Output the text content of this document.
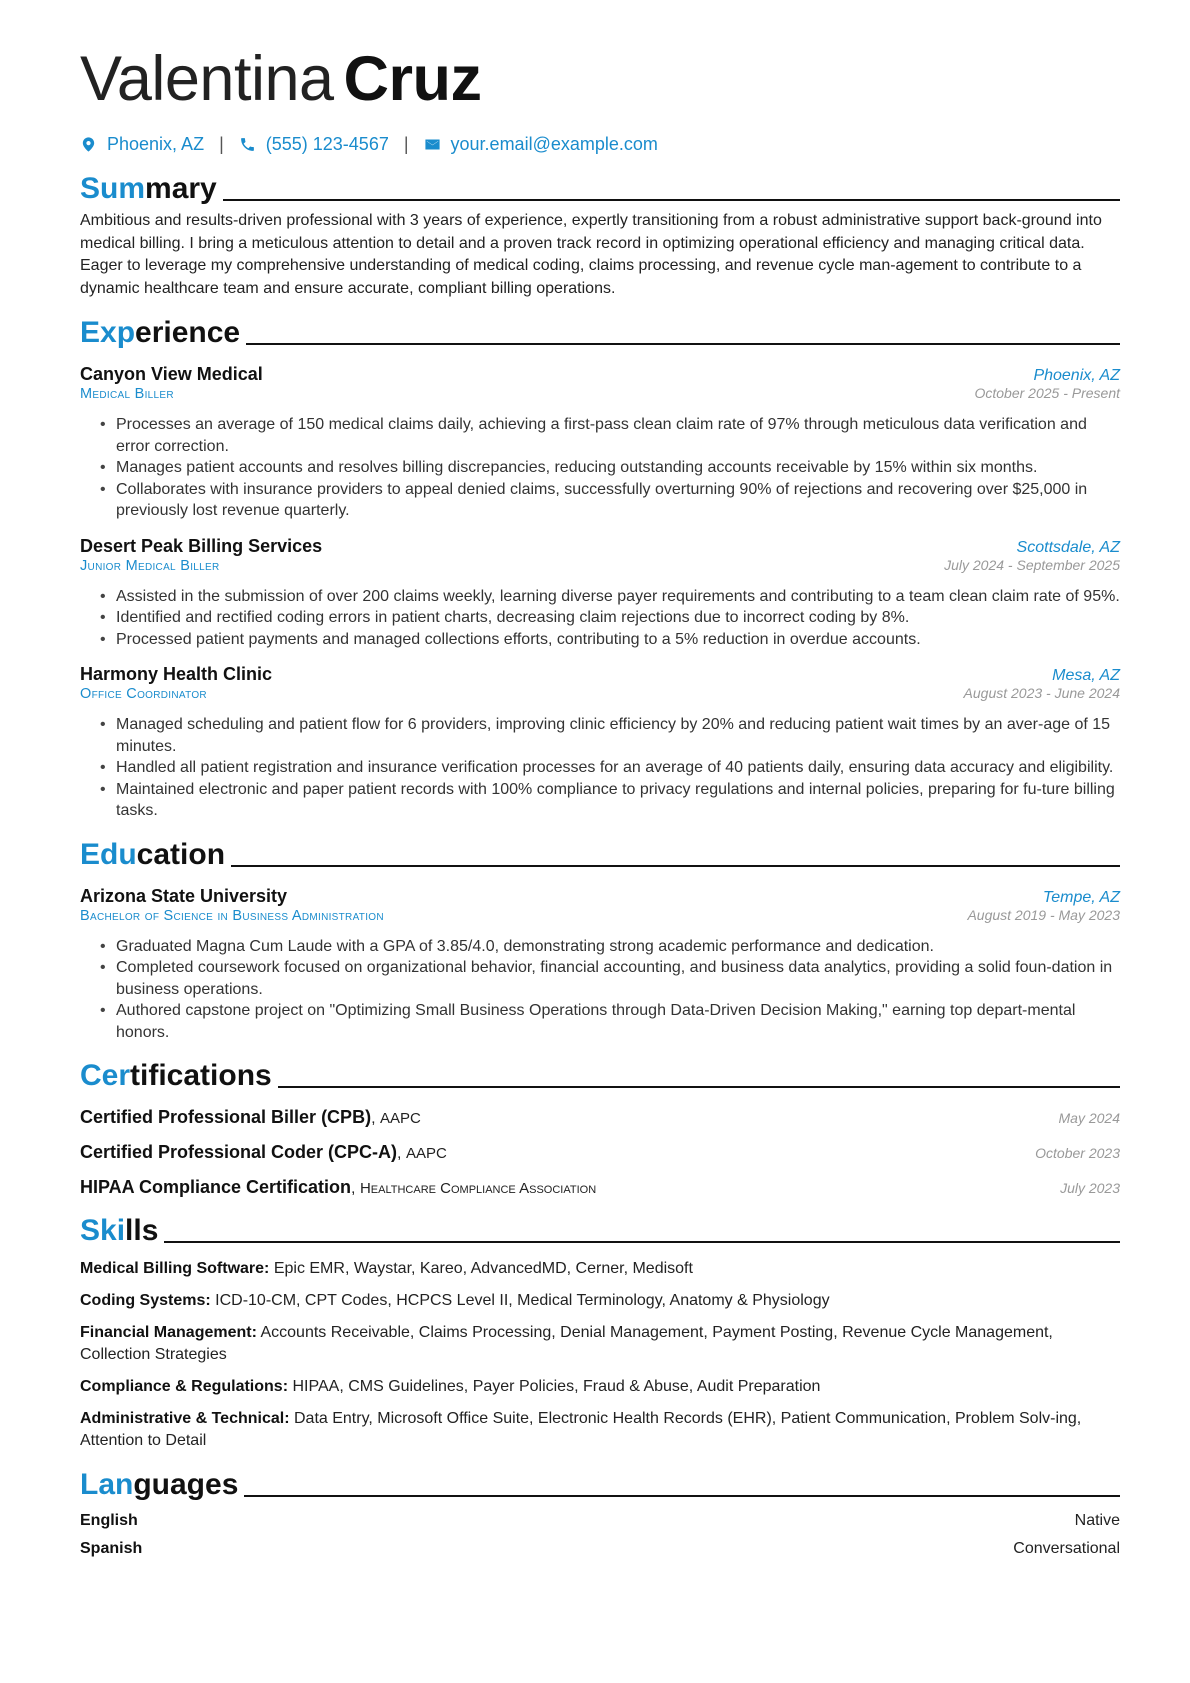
Valentina Cruz
Phoenix, AZ | (555) 123-4567 | your.email@example.com
Summary
Ambitious and results-driven professional with 3 years of experience, expertly transitioning from a robust administrative support back-ground into medical billing. I bring a meticulous attention to detail and a proven track record in optimizing operational efficiency and managing critical data. Eager to leverage my comprehensive understanding of medical coding, claims processing, and revenue cycle man-agement to contribute to a dynamic healthcare team and ensure accurate, compliant billing operations.
Experience
Canyon View Medical	Phoenix, AZ
Medical Biller	October 2025 - Present
• Processes an average of 150 medical claims daily, achieving a first-pass clean claim rate of 97% through meticulous data verification and error correction.
• Manages patient accounts and resolves billing discrepancies, reducing outstanding accounts receivable by 15% within six months.
• Collaborates with insurance providers to appeal denied claims, successfully overturning 90% of rejections and recovering over $25,000 in previously lost revenue quarterly.
Desert Peak Billing Services	Scottsdale, AZ
Junior Medical Biller	July 2024 - September 2025
• Assisted in the submission of over 200 claims weekly, learning diverse payer requirements and contributing to a team clean claim rate of 95%.
• Identified and rectified coding errors in patient charts, decreasing claim rejections due to incorrect coding by 8%.
• Processed patient payments and managed collections efforts, contributing to a 5% reduction in overdue accounts.
Harmony Health Clinic	Mesa, AZ
Office Coordinator	August 2023 - June 2024
• Managed scheduling and patient flow for 6 providers, improving clinic efficiency by 20% and reducing patient wait times by an aver-age of 15 minutes.
• Handled all patient registration and insurance verification processes for an average of 40 patients daily, ensuring data accuracy and eligibility.
• Maintained electronic and paper patient records with 100% compliance to privacy regulations and internal policies, preparing for fu-ture billing tasks.
Education
Arizona State University	Tempe, AZ
Bachelor of Science in Business Administration	August 2019 - May 2023
• Graduated Magna Cum Laude with a GPA of 3.85/4.0, demonstrating strong academic performance and dedication.
• Completed coursework focused on organizational behavior, financial accounting, and business data analytics, providing a solid foun-dation in business operations.
• Authored capstone project on "Optimizing Small Business Operations through Data-Driven Decision Making," earning top depart-mental honors.
Certifications
Certified Professional Biller (CPB), AAPC	May 2024
Certified Professional Coder (CPC-A), AAPC	October 2023
HIPAA Compliance Certification, Healthcare Compliance Association	July 2023
Skills
Medical Billing Software: Epic EMR, Waystar, Kareo, AdvancedMD, Cerner, Medisoft
Coding Systems: ICD-10-CM, CPT Codes, HCPCS Level II, Medical Terminology, Anatomy & Physiology
Financial Management: Accounts Receivable, Claims Processing, Denial Management, Payment Posting, Revenue Cycle Management, Collection Strategies
Compliance & Regulations: HIPAA, CMS Guidelines, Payer Policies, Fraud & Abuse, Audit Preparation
Administrative & Technical: Data Entry, Microsoft Office Suite, Electronic Health Records (EHR), Patient Communication, Problem Solv-ing, Attention to Detail
Languages
English	Native
Spanish	Conversational
